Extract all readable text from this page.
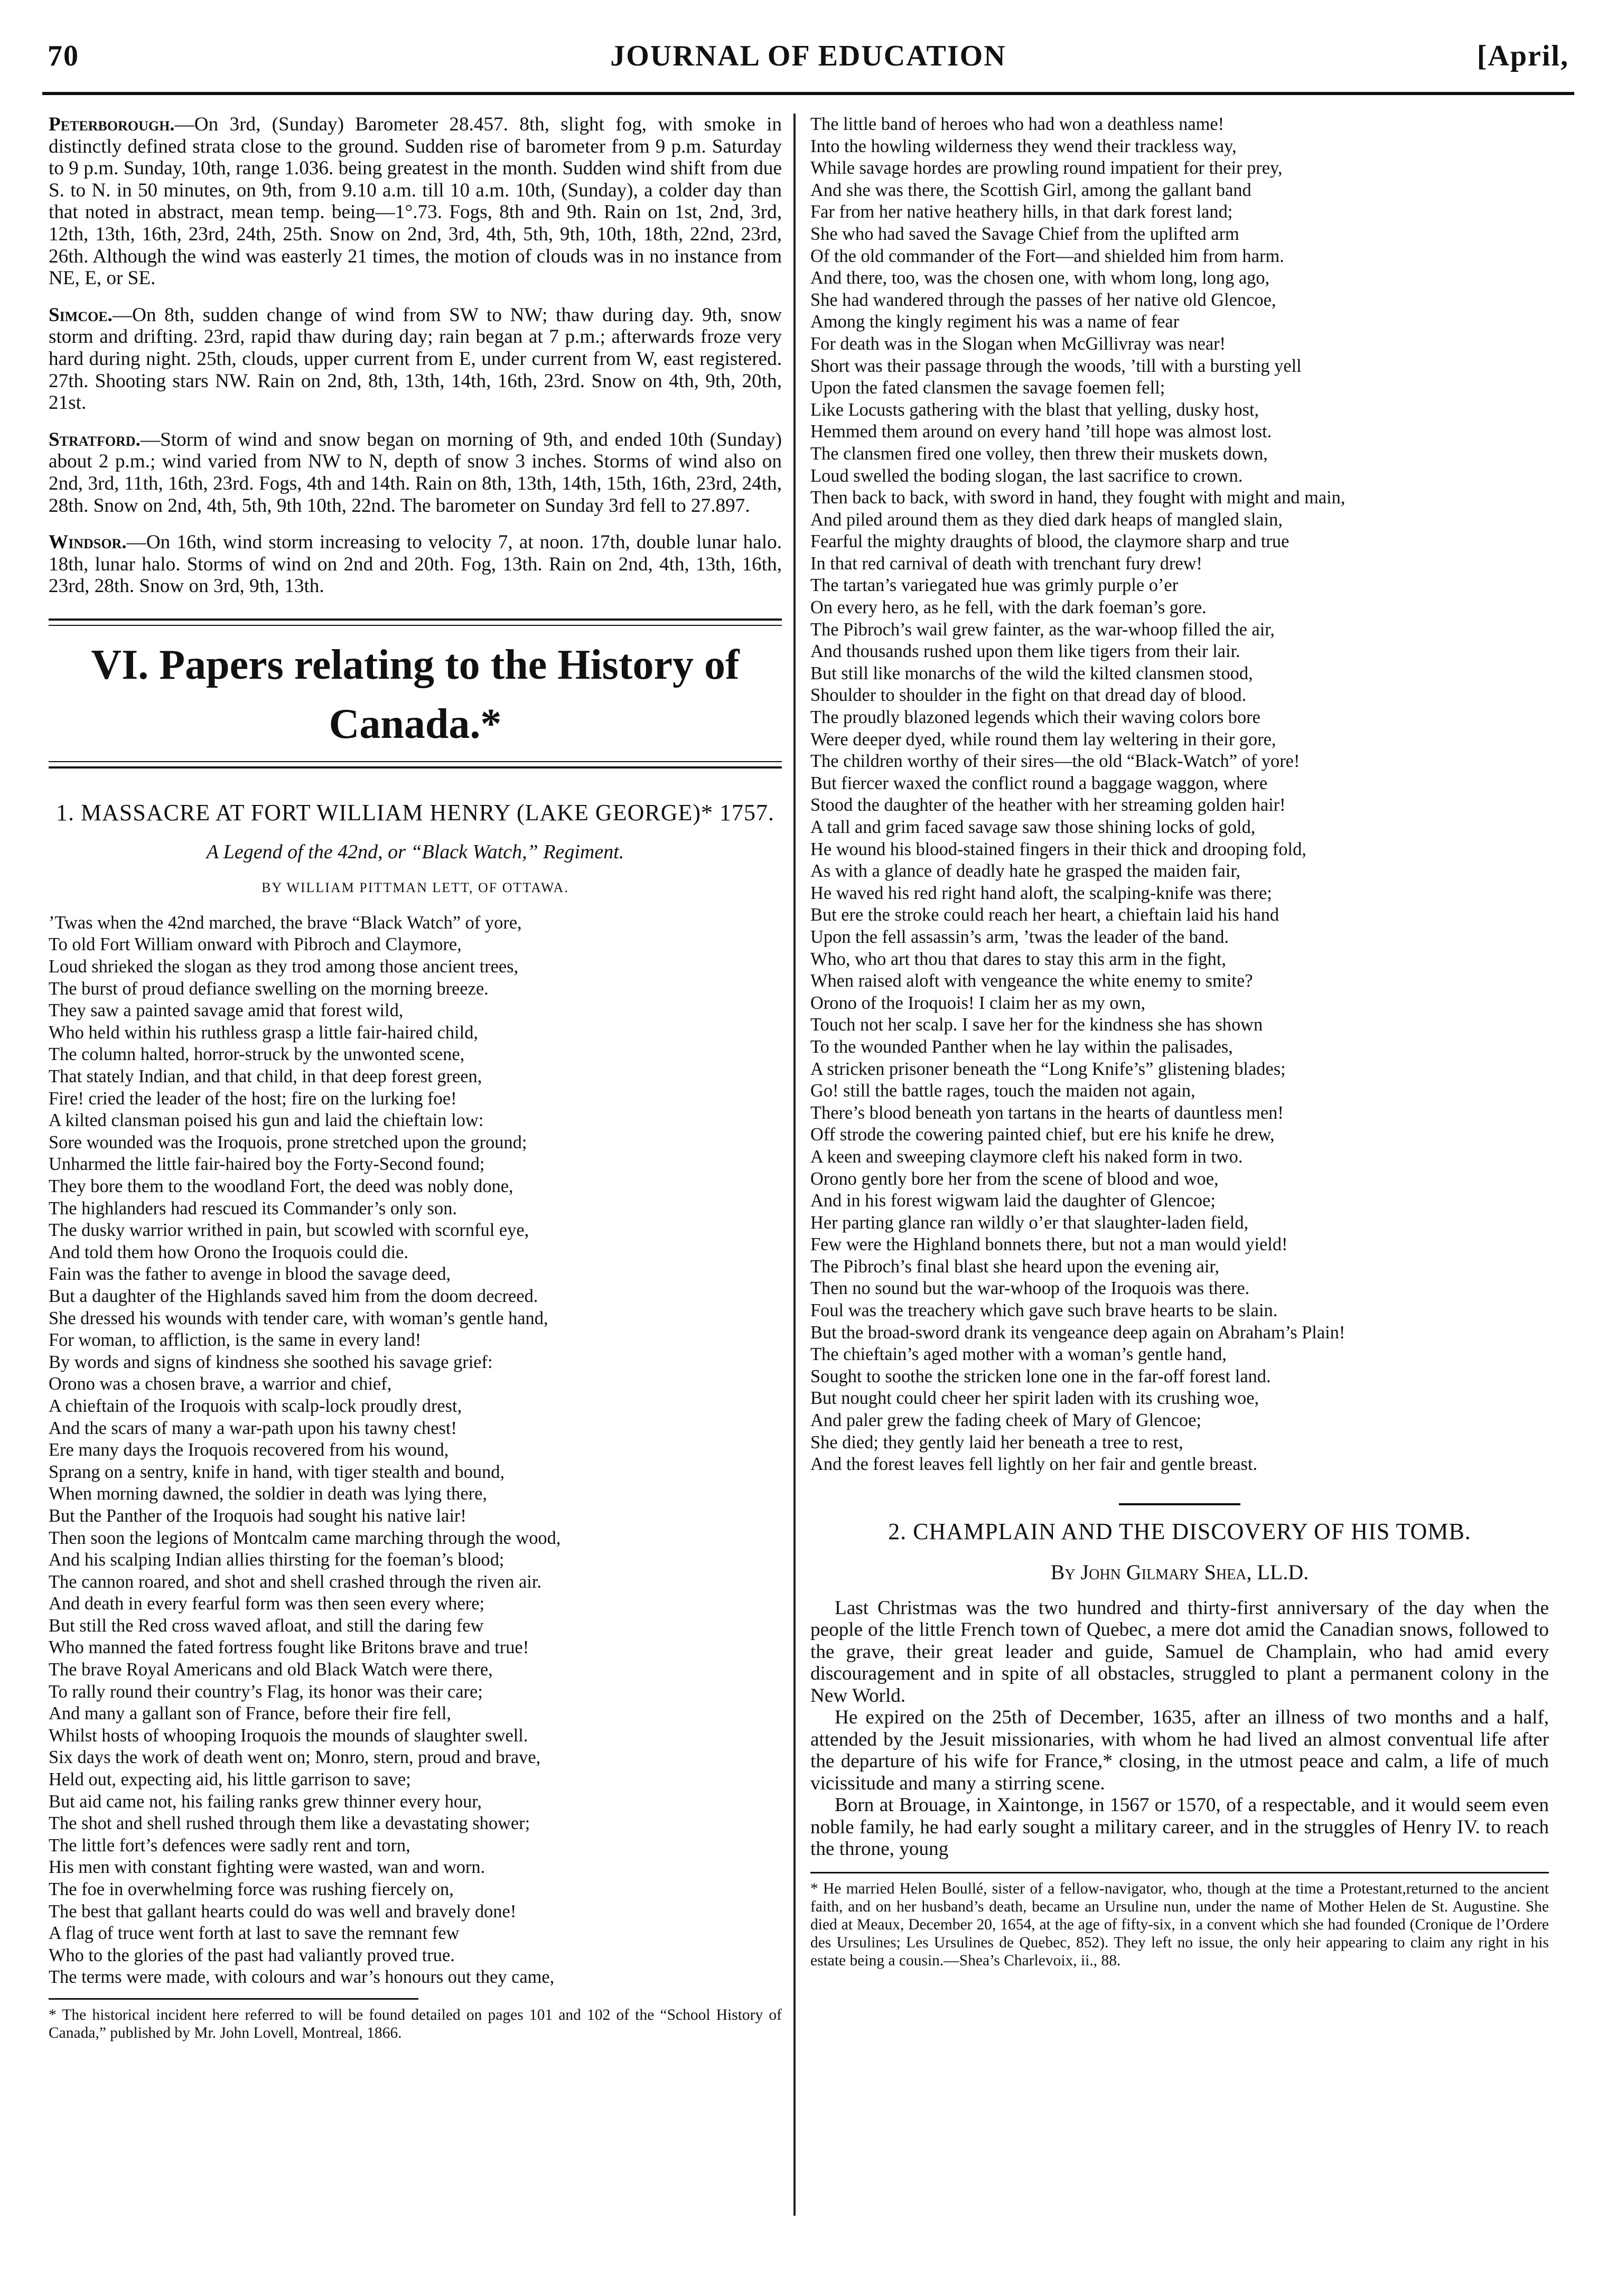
70	JOURNAL OF EDUCATION	[April,

Peterborough.—On 3rd, (Sunday) Barometer 28.457. 8th, slight fog, with smoke in distinctly defined strata close to the ground. Sudden rise of barometer from 9 p.m. Saturday to 9 p.m. Sunday, 10th, range 1.036. being greatest in the month. Sudden wind shift from due S. to N. in 50 minutes, on 9th, from 9.10 a.m. till 10 a.m. 10th, (Sunday), a colder day than that noted in abstract, mean temp. being—1°.73. Fogs, 8th and 9th. Rain on 1st, 2nd, 3rd, 12th, 13th, 16th, 23rd, 24th, 25th. Snow on 2nd, 3rd, 4th, 5th, 9th, 10th, 18th, 22nd, 23rd, 26th. Although the wind was easterly 21 times, the motion of clouds was in no instance from NE, E, or SE.

Simcoe.—On 8th, sudden change of wind from SW to NW; thaw during day. 9th, snow storm and drifting. 23rd, rapid thaw during day; rain began at 7 p.m.; afterwards froze very hard during night. 25th, clouds, upper current from E, under current from W, east registered. 27th. Shooting stars NW. Rain on 2nd, 8th, 13th, 14th, 16th, 23rd. Snow on 4th, 9th, 20th, 21st.

Stratford.—Storm of wind and snow began on morning of 9th, and ended 10th (Sunday) about 2 p.m.; wind varied from NW to N, depth of snow 3 inches. Storms of wind also on 2nd, 3rd, 11th, 16th, 23rd. Fogs, 4th and 14th. Rain on 8th, 13th, 14th, 15th, 16th, 23rd, 24th, 28th. Snow on 2nd, 4th, 5th, 9th 10th, 22nd. The barometer on Sunday 3rd fell to 27.897.

Windsor.—On 16th, wind storm increasing to velocity 7, at noon. 17th, double lunar halo. 18th, lunar halo. Storms of wind on 2nd and 20th. Fog, 13th. Rain on 2nd, 4th, 13th, 16th, 23rd, 28th. Snow on 3rd, 9th, 13th.

VI. Papers relating to the History of Canada.*
1. MASSACRE AT FORT WILLIAM HENRY (LAKE GEORGE)* 1757.
A Legend of the 42nd, or “Black Watch,” Regiment.
BY WILLIAM PITTMAN LETT, OF OTTAWA.
’Twas when the 42nd marched, the brave “Black Watch” of yore,
To old Fort William onward with Pibroch and Claymore,
Loud shrieked the slogan as they trod among those ancient trees,
The burst of proud defiance swelling on the morning breeze.
They saw a painted savage amid that forest wild,
Who held within his ruthless grasp a little fair-haired child,
The column halted, horror-struck by the unwonted scene,
That stately Indian, and that child, in that deep forest green,
Fire! cried the leader of the host; fire on the lurking foe!
A kilted clansman poised his gun and laid the chieftain low:
Sore wounded was the Iroquois, prone stretched upon the ground;
Unharmed the little fair-haired boy the Forty-Second found;
They bore them to the woodland Fort, the deed was nobly done,
The highlanders had rescued its Commander’s only son.
The dusky warrior writhed in pain, but scowled with scornful eye,
And told them how Orono the Iroquois could die.
Fain was the father to avenge in blood the savage deed,
But a daughter of the Highlands saved him from the doom decreed.
She dressed his wounds with tender care, with woman’s gentle hand,
For woman, to affliction, is the same in every land!
By words and signs of kindness she soothed his savage grief:
Orono was a chosen brave, a warrior and chief,
A chieftain of the Iroquois with scalp-lock proudly drest,
And the scars of many a war-path upon his tawny chest!
Ere many days the Iroquois recovered from his wound,
Sprang on a sentry, knife in hand, with tiger stealth and bound,
When morning dawned, the soldier in death was lying there,
But the Panther of the Iroquois had sought his native lair!
Then soon the legions of Montcalm came marching through the wood,
And his scalping Indian allies thirsting for the foeman’s blood;
The cannon roared, and shot and shell crashed through the riven air.
And death in every fearful form was then seen every where;
But still the Red cross waved afloat, and still the daring few
Who manned the fated fortress fought like Britons brave and true!
The brave Royal Americans and old Black Watch were there,
To rally round their country’s Flag, its honor was their care;
And many a gallant son of France, before their fire fell,
Whilst hosts of whooping Iroquois the mounds of slaughter swell.
Six days the work of death went on; Monro, stern, proud and brave,
Held out, expecting aid, his little garrison to save;
But aid came not, his failing ranks grew thinner every hour,
The shot and shell rushed through them like a devastating shower;
The little fort’s defences were sadly rent and torn,
His men with constant fighting were wasted, wan and worn.
The foe in overwhelming force was rushing fiercely on,
The best that gallant hearts could do was well and bravely done!
A flag of truce went forth at last to save the remnant few
Who to the glories of the past had valiantly proved true.
The terms were made, with colours and war’s honours out they came,

* The historical incident here referred to will be found detailed on pages 101 and 102 of the “School History of Canada,” published by Mr. John Lovell, Montreal, 1866.

The little band of heroes who had won a deathless name!
Into the howling wilderness they wend their trackless way,
While savage hordes are prowling round impatient for their prey,
And she was there, the Scottish Girl, among the gallant band
Far from her native heathery hills, in that dark forest land;
She who had saved the Savage Chief from the uplifted arm
Of the old commander of the Fort—and shielded him from harm.
And there, too, was the chosen one, with whom long, long ago,
She had wandered through the passes of her native old Glencoe,
Among the kingly regiment his was a name of fear
For death was in the Slogan when McGillivray was near!
Short was their passage through the woods, ’till with a bursting yell
Upon the fated clansmen the savage foemen fell;
Like Locusts gathering with the blast that yelling, dusky host,
Hemmed them around on every hand ’till hope was almost lost.
The clansmen fired one volley, then threw their muskets down,
Loud swelled the boding slogan, the last sacrifice to crown.
Then back to back, with sword in hand, they fought with might and main,
And piled around them as they died dark heaps of mangled slain,
Fearful the mighty draughts of blood, the claymore sharp and true
In that red carnival of death with trenchant fury drew!
The tartan’s variegated hue was grimly purple o’er
On every hero, as he fell, with the dark foeman’s gore.
The Pibroch’s wail grew fainter, as the war-whoop filled the air,
And thousands rushed upon them like tigers from their lair.
But still like monarchs of the wild the kilted clansmen stood,
Shoulder to shoulder in the fight on that dread day of blood.
The proudly blazoned legends which their waving colors bore
Were deeper dyed, while round them lay weltering in their gore,
The children worthy of their sires—the old “Black-Watch” of yore!
But fiercer waxed the conflict round a baggage waggon, where
Stood the daughter of the heather with her streaming golden hair!
A tall and grim faced savage saw those shining locks of gold,
He wound his blood-stained fingers in their thick and drooping fold,
As with a glance of deadly hate he grasped the maiden fair,
He waved his red right hand aloft, the scalping-knife was there;
But ere the stroke could reach her heart, a chieftain laid his hand
Upon the fell assassin’s arm, ’twas the leader of the band.
Who, who art thou that dares to stay this arm in the fight,
When raised aloft with vengeance the white enemy to smite?
Orono of the Iroquois! I claim her as my own,
Touch not her scalp. I save her for the kindness she has shown
To the wounded Panther when he lay within the palisades,
A stricken prisoner beneath the “Long Knife’s” glistening blades;
Go! still the battle rages, touch the maiden not again,
There’s blood beneath yon tartans in the hearts of dauntless men!
Off strode the cowering painted chief, but ere his knife he drew,
A keen and sweeping claymore cleft his naked form in two.
Orono gently bore her from the scene of blood and woe,
And in his forest wigwam laid the daughter of Glencoe;
Her parting glance ran wildly o’er that slaughter-laden field,
Few were the Highland bonnets there, but not a man would yield!
The Pibroch’s final blast she heard upon the evening air,
Then no sound but the war-whoop of the Iroquois was there.
Foul was the treachery which gave such brave hearts to be slain.
But the broad-sword drank its vengeance deep again on Abraham’s Plain!
The chieftain’s aged mother with a woman’s gentle hand,
Sought to soothe the stricken lone one in the far-off forest land.
But nought could cheer her spirit laden with its crushing woe,
And paler grew the fading cheek of Mary of Glencoe;
She died; they gently laid her beneath a tree to rest,
And the forest leaves fell lightly on her fair and gentle breast.
2. CHAMPLAIN AND THE DISCOVERY OF HIS TOMB.
By John Gilmary Shea, LL.D.

Last Christmas was the two hundred and thirty-first anniversary of the day when the people of the little French town of Quebec, a mere dot amid the Canadian snows, followed to the grave, their great leader and guide, Samuel de Champlain, who had amid every discouragement and in spite of all obstacles, struggled to plant a permanent colony in the New World.

He expired on the 25th of December, 1635, after an illness of two months and a half, attended by the Jesuit missionaries, with whom he had lived an almost conventual life after the departure of his wife for France,* closing, in the utmost peace and calm, a life of much vicissitude and many a stirring scene.

Born at Brouage, in Xaintonge, in 1567 or 1570, of a respectable, and it would seem even noble family, he had early sought a military career, and in the struggles of Henry IV. to reach the throne, young

* He married Helen Boullé, sister of a fellow-navigator, who, though at the time a Protestant,returned to the ancient faith, and on her husband’s death, became an Ursuline nun, under the name of Mother Helen de St. Augustine. She died at Meaux, December 20, 1654, at the age of fifty-six, in a convent which she had founded (Cronique de l’Ordere des Ursulines; Les Ursulines de Quebec, 852). They left no issue, the only heir appearing to claim any right in his estate being a cousin.—Shea’s Charlevoix, ii., 88.
